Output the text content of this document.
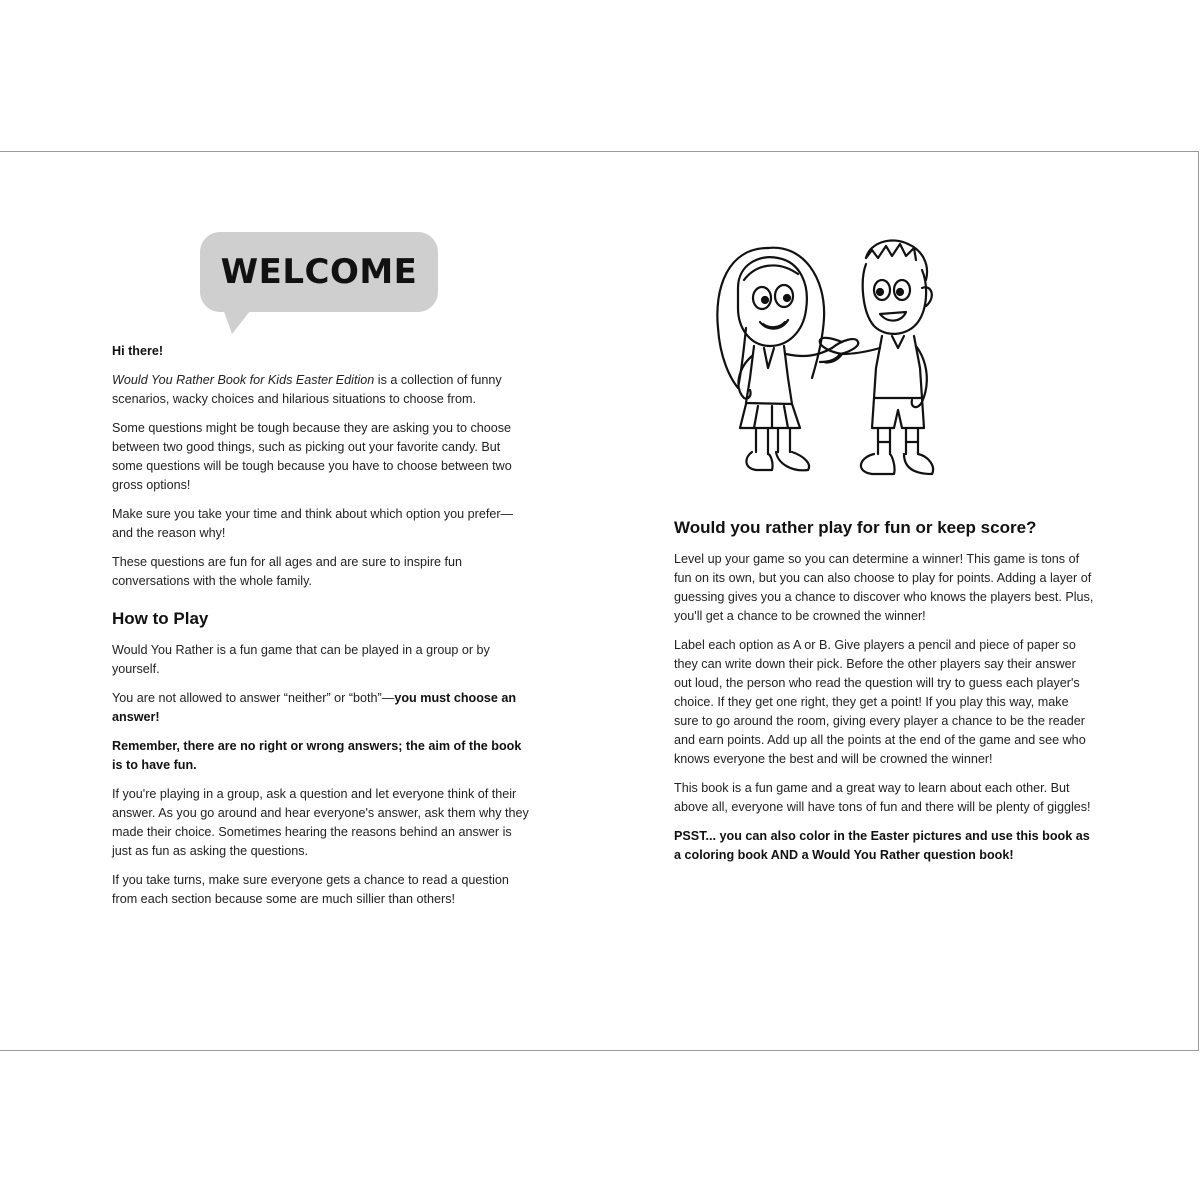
WELCOME

Hi there!

Would You Rather Book for Kids Easter Edition is a collection of funny scenarios, wacky choices and hilarious situations to choose from.

Some questions might be tough because they are asking you to choose between two good things, such as picking out your favorite candy. But some questions will be tough because you have to choose between two gross options!

Make sure you take your time and think about which option you prefer—and the reason why!

These questions are fun for all ages and are sure to inspire fun conversations with the whole family.

How to Play

Would You Rather is a fun game that can be played in a group or by yourself.

You are not allowed to answer “neither” or “both”—you must choose an answer!

Remember, there are no right or wrong answers; the aim of the book is to have fun.

If you're playing in a group, ask a question and let everyone think of their answer. As you go around and hear everyone's answer, ask them why they made their choice. Sometimes hearing the reasons behind an answer is just as fun as asking the questions.

If you take turns, make sure everyone gets a chance to read a question from each section because some are much sillier than others!

Would you rather play for fun or keep score?

Level up your game so you can determine a winner! This game is tons of fun on its own, but you can also choose to play for points. Adding a layer of guessing gives you a chance to discover who knows the players best. Plus, you'll get a chance to be crowned the winner!

Label each option as A or B. Give players a pencil and piece of paper so they can write down their pick. Before the other players say their answer out loud, the person who read the question will try to guess each player's choice. If they get one right, they get a point! If you play this way, make sure to go around the room, giving every player a chance to be the reader and earn points. Add up all the points at the end of the game and see who knows everyone the best and will be crowned the winner!

This book is a fun game and a great way to learn about each other. But above all, everyone will have tons of fun and there will be plenty of giggles!

PSST... you can also color in the Easter pictures and use this book as a coloring book AND a Would You Rather question book!
